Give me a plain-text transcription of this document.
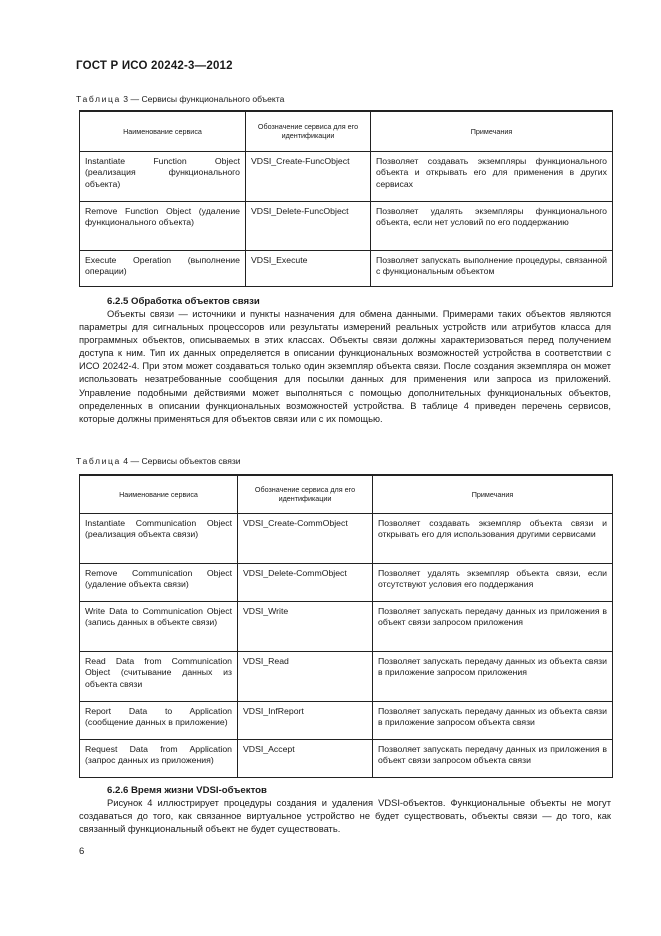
ГОСТ Р ИСО 20242-3—2012
Таблица 3 — Сервисы функционального объекта
Наименование сервиса	Обозначение сервиса для его идентификации	Примечания
Instantiate Function Object (реализация функционального объекта)	VDSI_Create-FuncObject	Позволяет создавать экземпляры функционального объекта и открывать его для применения в других сервисах
Remove Function Object (удаление функционального объекта)	VDSI_Delete-FuncObject	Позволяет удалять экземпляры функционального объекта, если нет условий по его поддержанию
Execute Operation (выполнение операции)	VDSI_Execute	Позволяет запускать выполнение процедуры, связанной с функциональным объектом
6.2.5 Обработка объектов связи

Объекты связи — источники и пункты назначения для обмена данными. Примерами таких объектов являются параметры для сигнальных процессоров или результаты измерений реальных устройств или атрибутов класса для программных объектов, описываемых в этих классах. Объекты связи должны характеризоваться перед получением доступа к ним. Тип их данных определяется в описании функциональных возможностей устройства в соответствии с ИСО 20242-4. При этом может создаваться только один экземпляр объекта связи. После создания экземпляра он может использовать незатребованные сообщения для посылки данных для применения или запроса из приложений. Управление подобными действиями может выполняться с помощью дополнительных функциональных объектов, определенных в описании функциональных возможностей устройства. В таблице 4 приведен перечень сервисов, которые должны применяться для объектов связи или с их помощью.

Таблица 4 — Сервисы объектов связи
Наименование сервиса	Обозначение сервиса для его идентификации	Примечания
Instantiate Communication Object (реализация объекта связи)	VDSI_Create-CommObject	Позволяет создавать экземпляр объекта связи и открывать его для использования другими сервисами
Remove Communication Object (удаление объекта связи)	VDSI_Delete-CommObject	Позволяет удалять экземпляр объекта связи, если отсутствуют условия его поддержания
Write Data to Communication Object (запись данных в объекте связи)	VDSI_Write	Позволяет запускать передачу данных из приложения в объект связи запросом приложения
Read Data from Communication Object (считывание данных из объекта связи	VDSI_Read	Позволяет запускать передачу данных из объекта связи в приложение запросом приложения
Report Data to Application (сообщение данных в приложение)	VDSI_InfReport	Позволяет запускать передачу данных из объекта связи в приложение запросом объекта связи
Request Data from Application (запрос данных из приложения)	VDSI_Accept	Позволяет запускать передачу данных из приложения в объект связи запросом объекта связи
6.2.6 Время жизни VDSI-объектов

Рисунок 4 иллюстрирует процедуры создания и удаления VDSI-объектов. Функциональные объекты не могут создаваться до того, как связанное виртуальное устройство не будет существовать, объекты связи — до того, как связанный функциональный объект не будет существовать.

6
